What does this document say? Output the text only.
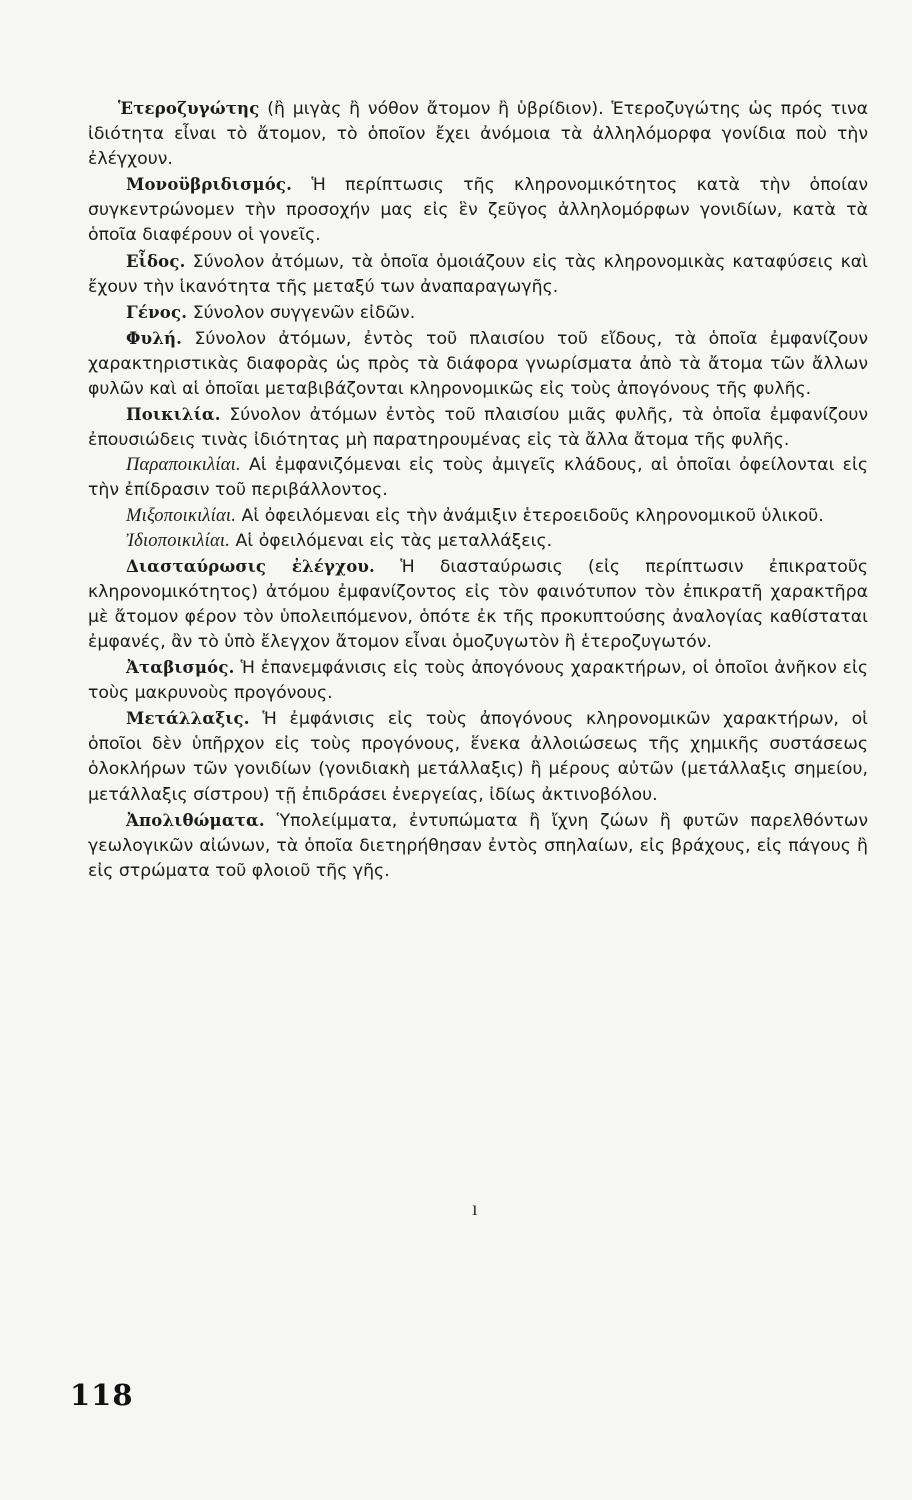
Ἑτεροζυγώτης (ἢ μιγὰς ἢ νόθον ἄτομον ἢ ὑβρίδιον). Ἑτεροζυγώτης ὡς πρός τινα ἰδιότητα εἶναι τὸ ἄτομον, τὸ ὁποῖον ἔχει ἀνόμοια τὰ ἀλληλόμορφα γονίδια ποὺ τὴν ἐλέγχουν.

Μονοϋβριδισμός. Ἡ περίπτωσις τῆς κληρονομικότητος κατὰ τὴν ὁποίαν συγκεντρώνομεν τὴν προσοχήν μας εἰς ἓν ζεῦγος ἀλληλομόρφων γονιδίων, κατὰ τὰ ὁποῖα διαφέρουν οἱ γονεῖς.

Εἶδος. Σύνολον ἀτόμων, τὰ ὁποῖα ὁμοιάζουν εἰς τὰς κληρονομικὰς καταφύσεις καὶ ἔχουν τὴν ἱκανότητα τῆς μεταξύ των ἀναπαραγωγῆς.

Γένος. Σύνολον συγγενῶν εἰδῶν.

Φυλή. Σύνολον ἀτόμων, ἐντὸς τοῦ πλαισίου τοῦ εἴδους, τὰ ὁποῖα ἐμφανίζουν χαρακτηριστικὰς διαφορὰς ὡς πρὸς τὰ διάφορα γνωρίσματα ἀπὸ τὰ ἄτομα τῶν ἄλλων φυλῶν καὶ αἱ ὁποῖαι μεταβιβάζονται κληρονομικῶς εἰς τοὺς ἀπογόνους τῆς φυλῆς.

Ποικιλία. Σύνολον ἀτόμων ἐντὸς τοῦ πλαισίου μιᾶς φυλῆς, τὰ ὁποῖα ἐμφανίζουν ἐπουσιώδεις τινὰς ἰδιότητας μὴ παρατηρουμένας εἰς τὰ ἄλλα ἄτομα τῆς φυλῆς.

Παραποικιλίαι. Αἱ ἐμφανιζόμεναι εἰς τοὺς ἀμιγεῖς κλάδους, αἱ ὁποῖαι ὀφείλονται εἰς τὴν ἐπίδρασιν τοῦ περιβάλλοντος.

Μιξοποικιλίαι. Αἱ ὀφειλόμεναι εἰς τὴν ἀνάμιξιν ἑτεροειδοῦς κληρονομικοῦ ὑλικοῦ.

Ἰδιοποικιλίαι. Αἱ ὀφειλόμεναι εἰς τὰς μεταλλάξεις.

Διασταύρωσις ἐλέγχου. Ἡ διασταύρωσις (εἰς περίπτωσιν ἐπικρατοῦς κληρονομικότητος) ἀτόμου ἐμφανίζοντος εἰς τὸν φαινότυπον τὸν ἐπικρατῆ χαρακτῆρα μὲ ἄτομον φέρον τὸν ὑπολειπόμενον, ὁπότε ἐκ τῆς προκυπτούσης ἀναλογίας καθίσταται ἐμφανές, ἂν τὸ ὑπὸ ἔλεγχον ἄτομον εἶναι ὁμοζυγωτὸν ἢ ἑτεροζυγωτόν.

Ἀταβισμός. Ἡ ἐπανεμφάνισις εἰς τοὺς ἀπογόνους χαρακτήρων, οἱ ὁποῖοι ἀνῆκον εἰς τοὺς μακρυνοὺς προγόνους.

Μετάλλαξις. Ἡ ἐμφάνισις εἰς τοὺς ἀπογόνους κληρονομικῶν χαρακτήρων, οἱ ὁποῖοι δὲν ὑπῆρχον εἰς τοὺς προγόνους, ἕνεκα ἀλλοιώσεως τῆς χημικῆς συστάσεως ὁλοκλήρων τῶν γονιδίων (γονιδιακὴ μετάλλαξις) ἢ μέρους αὐτῶν (μετάλλαξις σημείου, μετάλλαξις σίστρου) τῇ ἐπιδράσει ἐνεργείας, ἰδίως ἀκτινοβόλου.

Ἀπολιθώματα. Ὑπολείμματα, ἐντυπώματα ἢ ἴχνη ζώων ἢ φυτῶν παρελθόντων γεωλογικῶν αἰώνων, τὰ ὁποῖα διετηρήθησαν ἐντὸς σπηλαίων, εἰς βράχους, εἰς πάγους ἢ εἰς στρώματα τοῦ φλοιοῦ τῆς γῆς.

ı
118
